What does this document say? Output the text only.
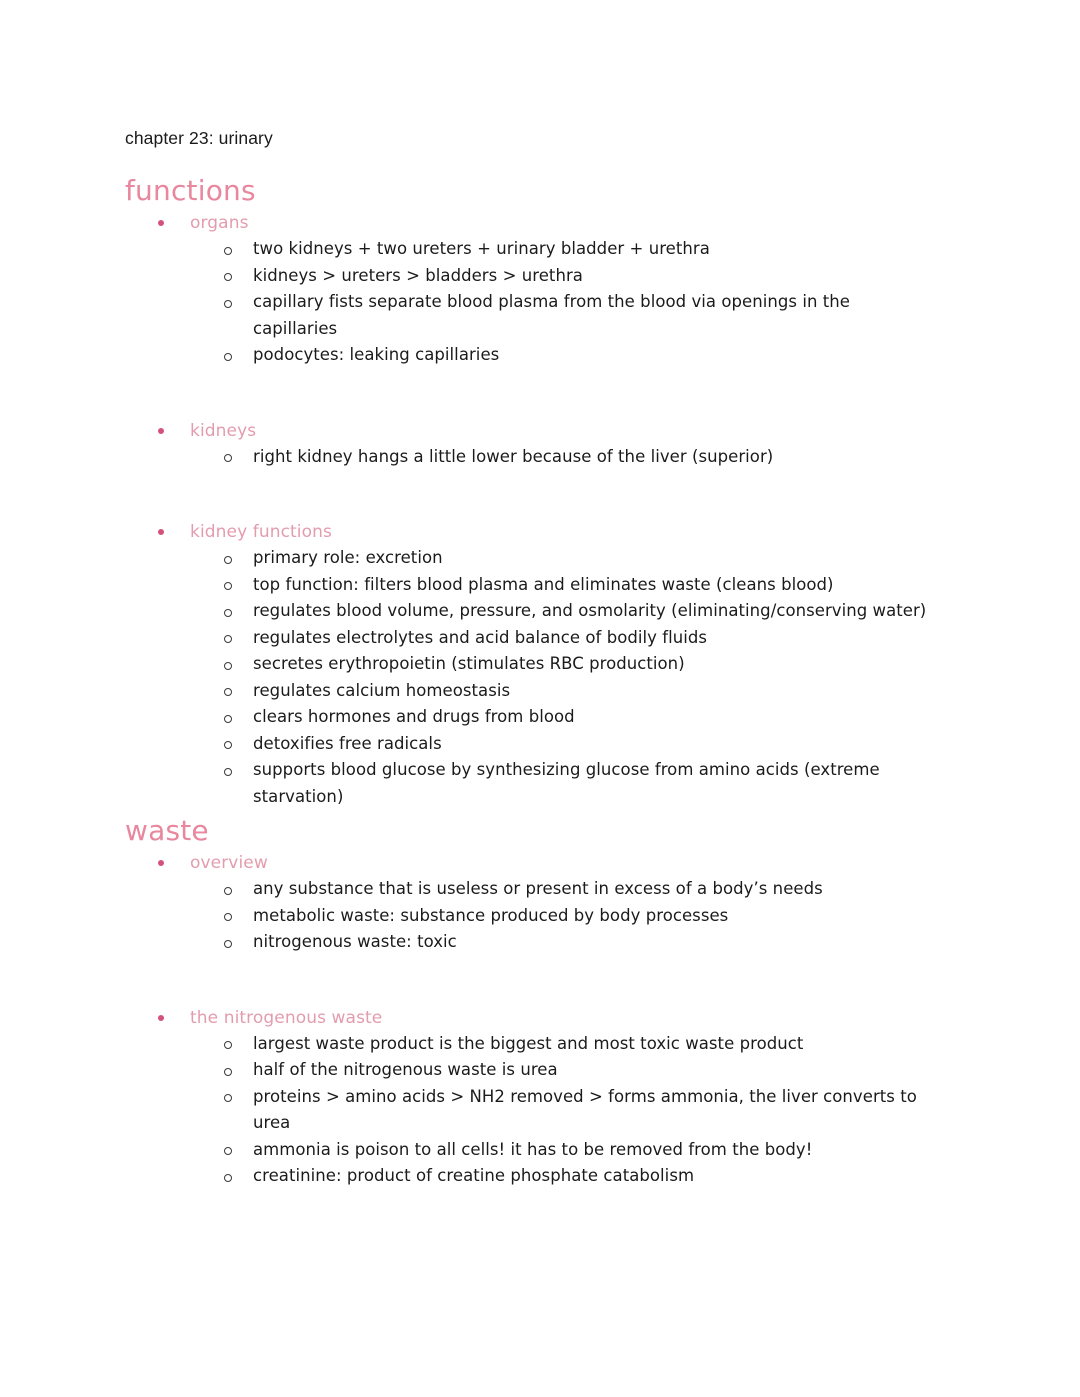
chapter 23: urinary
functions
organs
two kidneys + two ureters + urinary bladder + urethra
kidneys > ureters > bladders > urethra
capillary fists separate blood plasma from the blood via openings in the capillaries
podocytes: leaking capillaries
kidneys
right kidney hangs a little lower because of the liver (superior)
kidney functions
primary role: excretion
top function: filters blood plasma and eliminates waste (cleans blood)
regulates blood volume, pressure, and osmolarity (eliminating/conserving water)
regulates electrolytes and acid balance of bodily fluids
secretes erythropoietin (stimulates RBC production)
regulates calcium homeostasis
clears hormones and drugs from blood
detoxifies free radicals
supports blood glucose by synthesizing glucose from amino acids (extreme starvation)
waste
overview
any substance that is useless or present in excess of a body’s needs
metabolic waste: substance produced by body processes
nitrogenous waste: toxic
the nitrogenous waste
largest waste product is the biggest and most toxic waste product
half of the nitrogenous waste is urea
proteins > amino acids > NH2 removed > forms ammonia, the liver converts to urea
ammonia is poison to all cells! it has to be removed from the body!
creatinine: product of creatine phosphate catabolism
